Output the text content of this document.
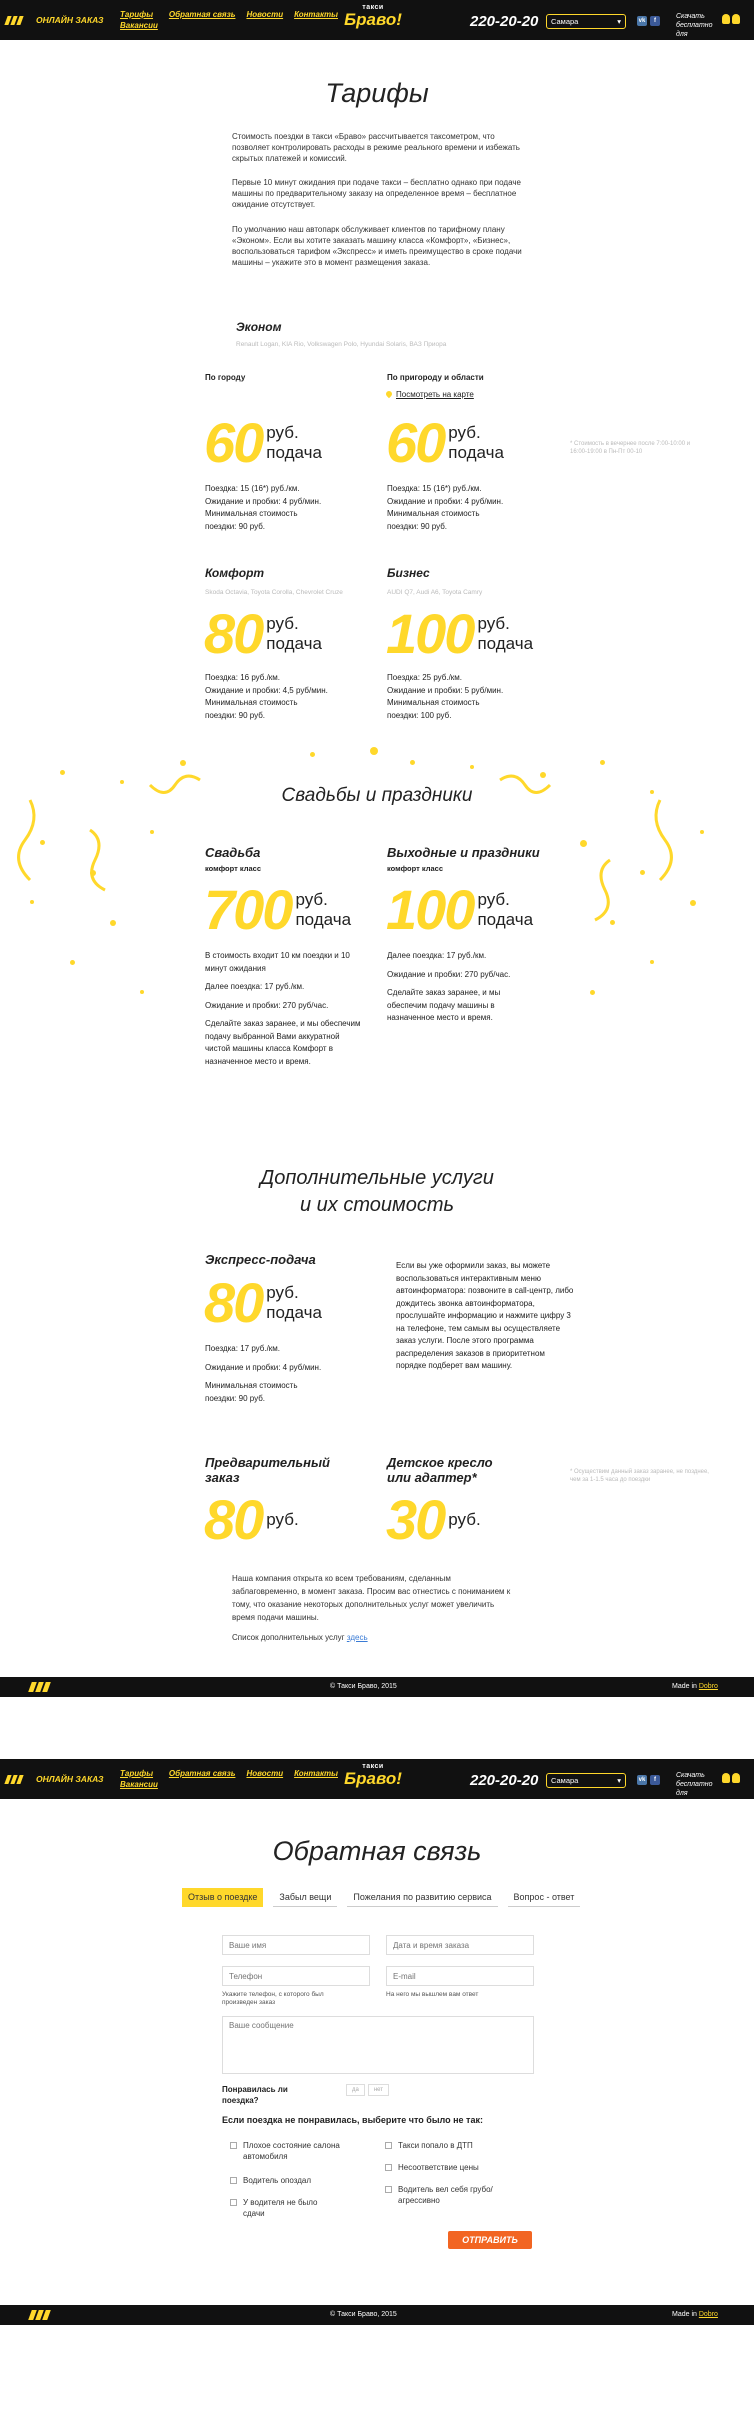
ОНЛАЙН ЗАКАЗ
Тарифы
Вакансии
Обратная связь Новости Контакты
такси
Браво!	220-20-20 Самара	▾	vk	f
Скачать бесплатно для
Тарифы
Стоимость поездки в такси «Браво» рассчитывается таксометром, что позволяет контролировать расходы в режиме реального времени и избежать скрытых платежей и комиссий.
Первые 10 минут ожидания при подаче такси – бесплатно однако при подаче машины по предварительному заказу на определенное время – бесплатное ожидание отсутствует.
По умолчанию наш автопарк обслуживает клиентов по тарифному плану «Эконом». Если вы хотите заказать машину класса «Комфорт», «Бизнес», воспользоваться тарифом «Экспресс» и иметь преимущество в сроке подачи машины – укажите это в момент размещения заказа.
Эконом
Renault Logan, KIA Rio, Volkswagen Polo, Hyundai Solaris, ВАЗ Приора
По городу
60 руб.
подача
Поездка: 15 (16*) руб./км.
Ожидание и пробки: 4 руб/мин.
Минимальная стоимость
поездки: 90 руб.
По пригороду и области
Посмотреть на карте
60 руб.
подача
Поездка: 15 (16*) руб./км.
Ожидание и пробки: 4 руб/мин.
Минимальная стоимость
поездки: 90 руб.
* Стоимость в вечернее после 7:00-10:00 и 16:00-19:00 в Пн-Пт 00-10
Комфорт
Skoda Octavia, Toyota Corolla, Chevrolet Cruze
80 руб.
подача
Поездка: 16 руб./км.
Ожидание и пробки: 4,5 руб/мин.
Минимальная стоимость
поездки: 90 руб.
Бизнес
AUDI Q7, Audi A6, Toyota Camry
100 руб.
подача
Поездка: 25 руб./км.
Ожидание и пробки: 5 руб/мин.
Минимальная стоимость
поездки: 100 руб.
Свадьбы и праздники
Свадьба
комфорт класс
700 руб.
подача
В стоимость входит 10 км поездки и 10 минут ожидания
Далее поездка: 17 руб./км.
Ожидание и пробки: 270 руб/час.
Сделайте заказ заранее, и мы обеспечим подачу выбранной Вами аккуратной чистой машины класса Комфорт в назначенное место и время.
Выходные и праздники
комфорт класс
100 руб.
подача
Далее поездка: 17 руб./км.
Ожидание и пробки: 270 руб/час.
Сделайте заказ заранее, и мы обеспечим подачу машины в назначенное место и время.
Дополнительные услуги
и их стоимость
Экспресс-подача
80 руб.
подача
Поездка: 17 руб./км.
Ожидание и пробки: 4 руб/мин.
Минимальная стоимость
поездки: 90 руб.
Если вы уже оформили заказ, вы можете воспользоваться интерактивным меню автоинформатора: позвоните в call-центр, либо дождитесь звонка автоинформатора, прослушайте информацию и нажмите цифру 3 на телефоне, тем самым вы осуществляете заказ услуги. После этого программа распределения заказов в приоритетном порядке подберет вам машину.
Предварительный
заказ
80 руб.
Детское кресло
или адаптер*
30 руб.
* Осуществим данный заказ заранее, не позднее, чем за 1-1.5 часа до поездки
Наша компания открыта ко всем требованиям, сделанным заблаговременно, в момент заказа. Просим вас отнестись с пониманием к тому, что оказание некоторых дополнительных услуг может увеличить время подачи машины.
Список дополнительных услуг здесь
© Такси Браво, 2015	Made in Dobro
ОНЛАЙН ЗАКАЗ
Тарифы
Вакансии
Обратная связь Новости Контакты
такси
Браво!	220-20-20 Самара	▾	vk	f
Скачать бесплатно для
Обратная связь
Отзыв о поездке	Забыл вещи	Пожелания по развитию сервиса	Вопрос - ответ
Ваше имя
Дата и время заказа
Телефон
E-mail
Укажите телефон, с которого был произведен заказ
На него мы вышлем вам ответ
Ваше сообщение
Понравилась ли поездка?
да	нет
Если поездка не понравилась, выберите что было не так:
Плохое состояние салона автомобиля
Водитель опоздал
У водителя не было сдачи
Такси попало в ДТП
Несоответствие цены
Водитель вел себя грубо/агрессивно
ОТПРАВИТЬ
© Такси Браво, 2015	Made in Dobro
